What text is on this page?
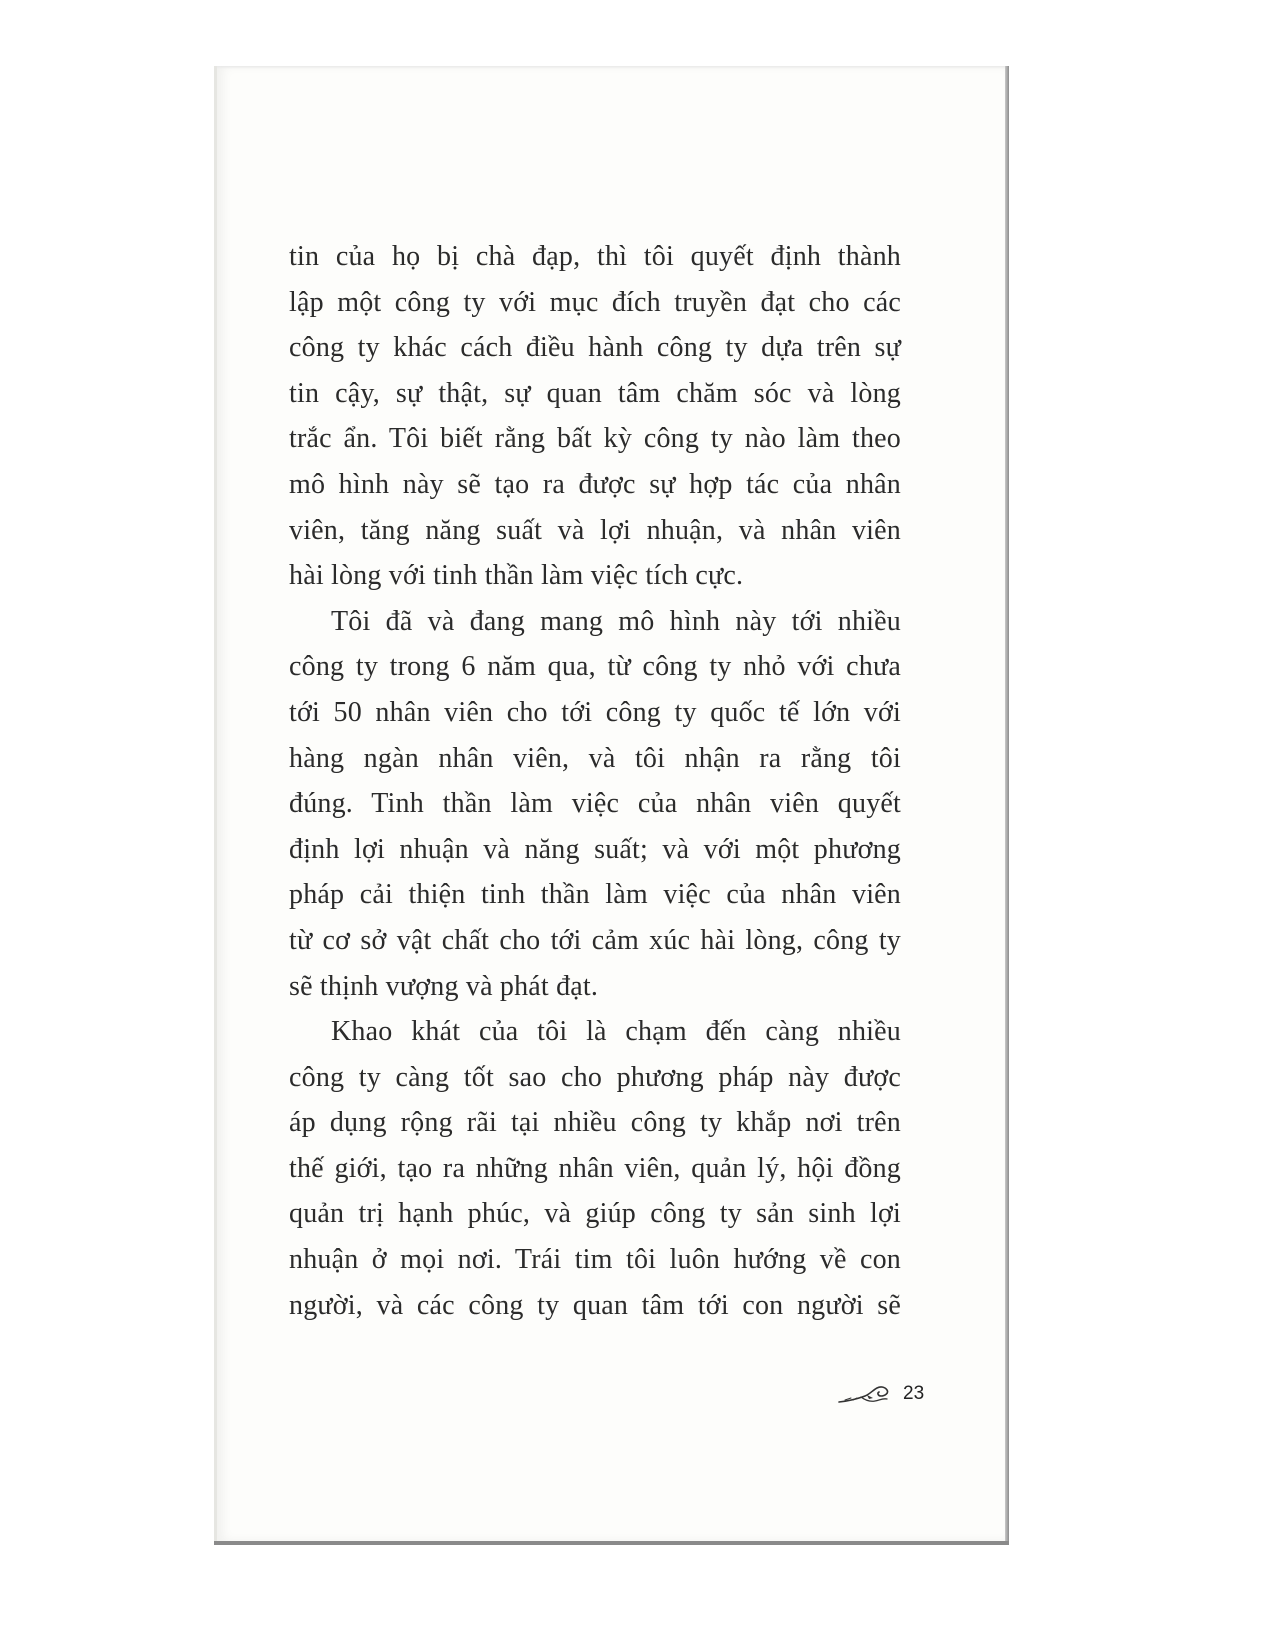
tin của họ bị chà đạp, thì tôi quyết định thành
lập một công ty với mục đích truyền đạt cho các
công ty khác cách điều hành công ty dựa trên sự
tin cậy, sự thật, sự quan tâm chăm sóc và lòng
trắc ẩn. Tôi biết rằng bất kỳ công ty nào làm theo
mô hình này sẽ tạo ra được sự hợp tác của nhân
viên, tăng năng suất và lợi nhuận, và nhân viên
hài lòng với tinh thần làm việc tích cực.

Tôi đã và đang mang mô hình này tới nhiều
công ty trong 6 năm qua, từ công ty nhỏ với chưa
tới 50 nhân viên cho tới công ty quốc tế lớn với
hàng ngàn nhân viên, và tôi nhận ra rằng tôi
đúng. Tinh thần làm việc của nhân viên quyết
định lợi nhuận và năng suất; và với một phương
pháp cải thiện tinh thần làm việc của nhân viên
từ cơ sở vật chất cho tới cảm xúc hài lòng, công ty
sẽ thịnh vượng và phát đạt.

Khao khát của tôi là chạm đến càng nhiều
công ty càng tốt sao cho phương pháp này được
áp dụng rộng rãi tại nhiều công ty khắp nơi trên
thế giới, tạo ra những nhân viên, quản lý, hội đồng
quản trị hạnh phúc, và giúp công ty sản sinh lợi
nhuận ở mọi nơi. Trái tim tôi luôn hướng về con
người, và các công ty quan tâm tới con người sẽ

23
